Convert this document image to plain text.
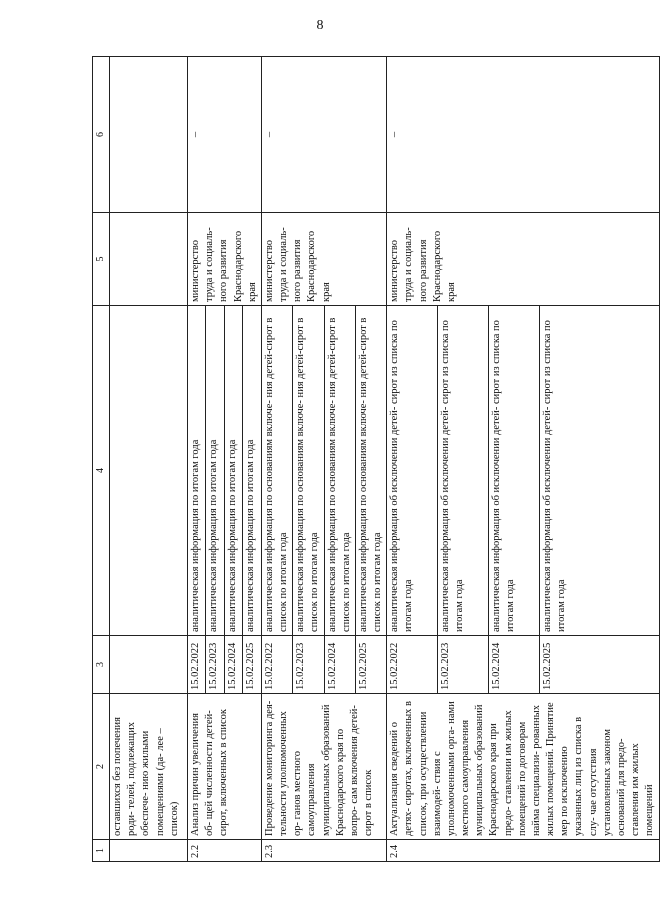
8
1	2	3	4	5	6
	оставшихся без попечения роди- телей, подлежащих обеспече- нию жилыми помещениями (да- лее – список)				
2.2	Анализ причин увеличения об- щей численности детей-сирот, включенных в список	15.02.2022	аналитическая информация по итогам года	министерство труда и социаль- ного развития Краснодарского края	–
		15.02.2023	аналитическая информация по итогам года		
		15.02.2024	аналитическая информация по итогам года		
		15.02.2025	аналитическая информация по итогам года		
2.3	Проведение мониторинга дея- тельности уполномоченных ор- ганов местного самоуправления муниципальных образований Краснодарского края по вопро- сам включения детей-сирот в список	15.02.2022	аналитическая информация по основаниям включе- ния детей-сирот в список по итогам года	министерство труда и социаль- ного развития Краснодарского края	–
		15.02.2023	аналитическая информация по основаниям включе- ния детей-сирот в список по итогам года		
		15.02.2024	аналитическая информация по основаниям включе- ния детей-сирот в список по итогам года		
		15.02.2025	аналитическая информация по основаниям включе- ния детей-сирот в список по итогам года		
2.4	Актуализация сведений о детях- сиротах, включенных в список, при осуществлении взаимодей- ствия с уполномоченными орга- нами местного самоуправления муниципальных образований Краснодарского края при предо- ставлении им жилых помещений по договорам найма специализи- рованных жилых помещений. Принятие мер по исключению указанных лиц из списка в слу- чае отсутствия установленных законом оснований для предо- ставления им жилых помещений	15.02.2022	аналитическая информация об исключении детей- сирот из списка по итогам года	министерство труда и социаль- ного развития Краснодарского края	–
		15.02.2023	аналитическая информация об исключении детей- сирот из списка по итогам года		
		15.02.2024	аналитическая информация об исключении детей- сирот из списка по итогам года		
		15.02.2025	аналитическая информация об исключении детей- сирот из списка по итогам года		
